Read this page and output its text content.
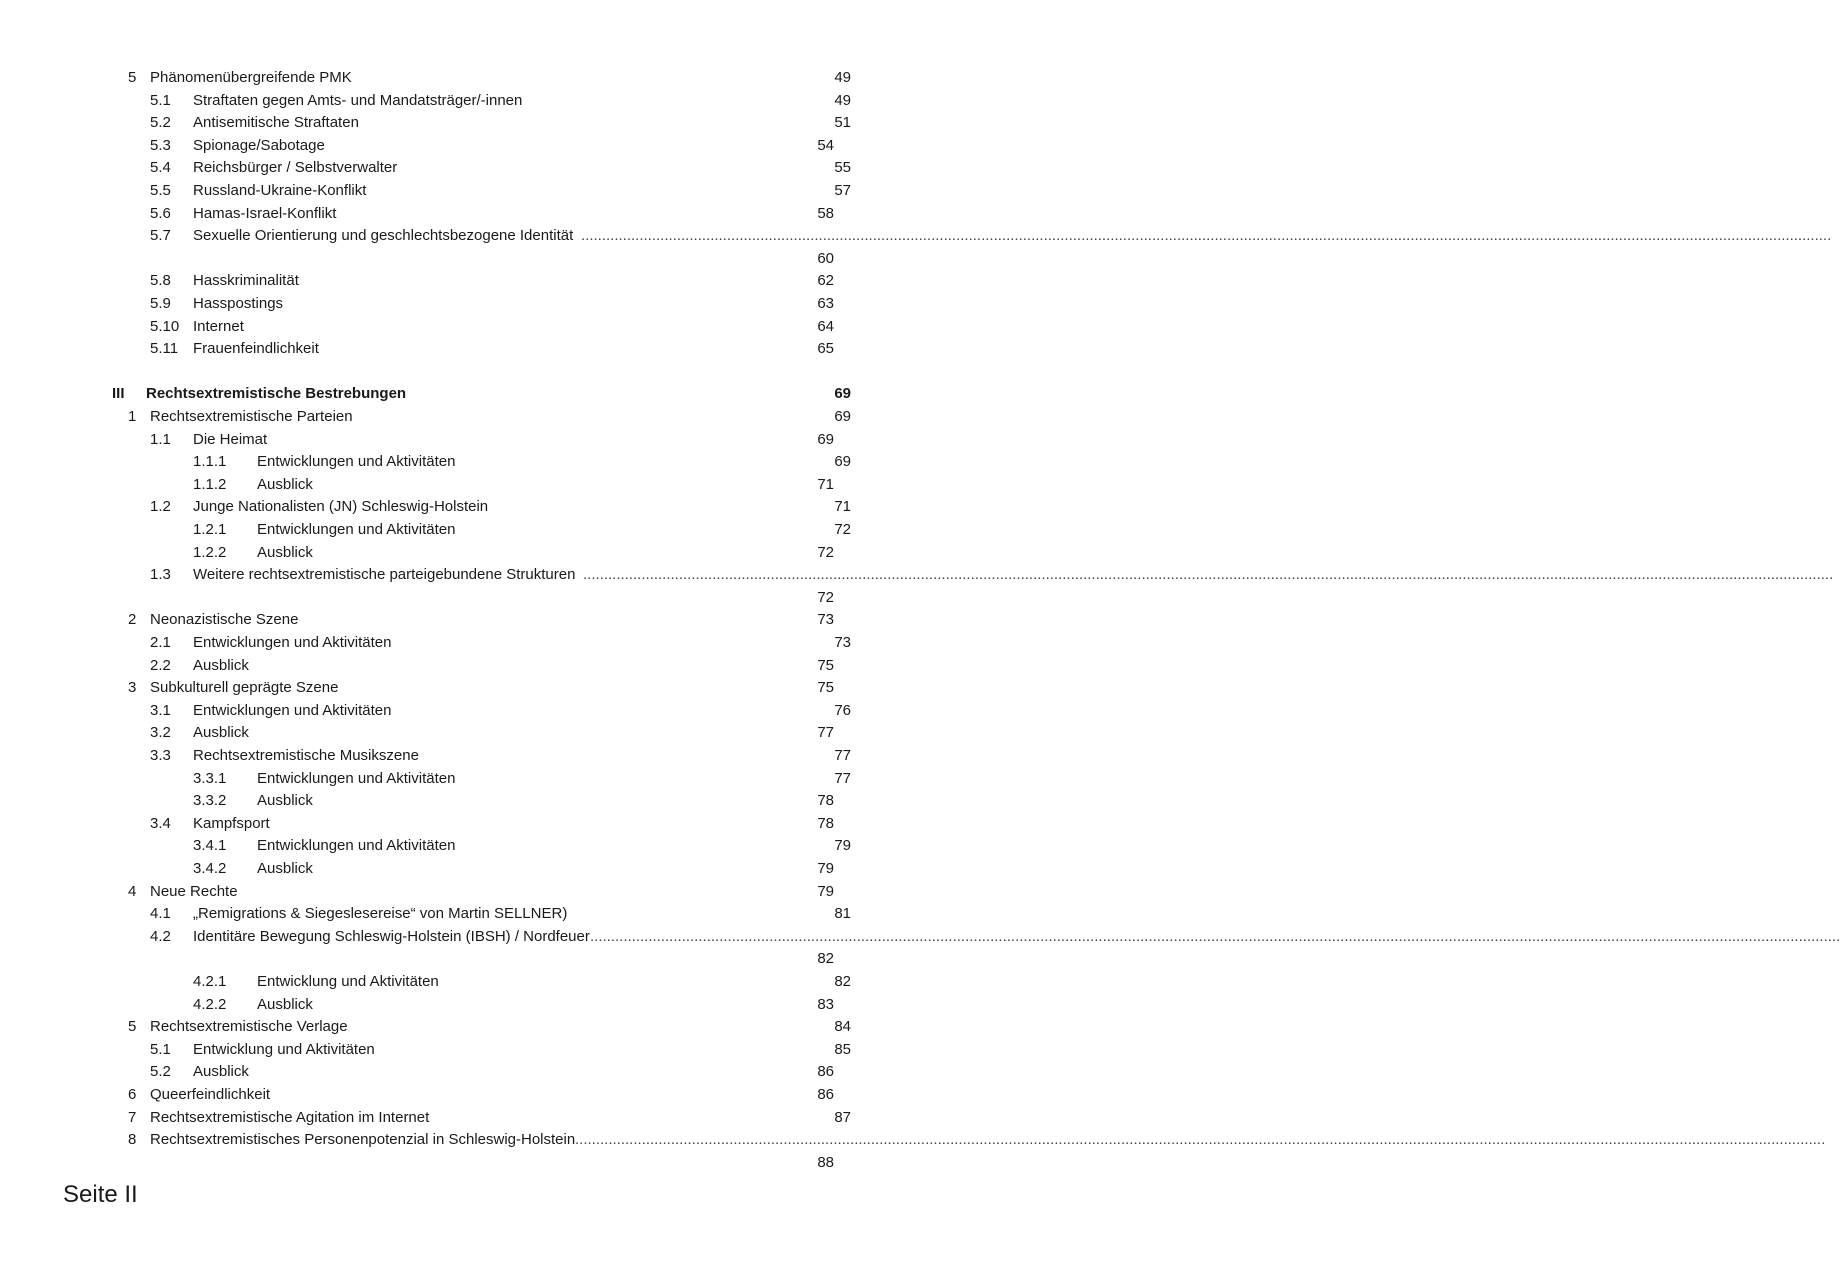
5 Phänomenübergreifende PMK	49
5.1 Straftaten gegen Amts- und Mandatsträger/-innen	49
5.2 Antisemitische Straftaten	51
5.3 Spionage/Sabotage	54
5.4 Reichsbürger / Selbstverwalter	55
5.5 Russland-Ukraine-Konflikt	57
5.6 Hamas-Israel-Konflikt	58
5.7 Sexuelle Orientierung und geschlechtsbezogene Identität ............................................................................................................................................................................................................................................................................................................
60
5.8 Hasskriminalität	62
5.9 Hasspostings	63
5.10 Internet	64
5.11 Frauenfeindlichkeit	65
III Rechtsextremistische Bestrebungen	69
1 Rechtsextremistische Parteien	69
1.1 Die Heimat	69
1.1.1 Entwicklungen und Aktivitäten	69
1.1.2 Ausblick	71
1.2 Junge Nationalisten (JN) Schleswig-Holstein	71
1.2.1 Entwicklungen und Aktivitäten	72
1.2.2 Ausblick	72
1.3 Weitere rechtsextremistische parteigebundene Strukturen ............................................................................................................................................................................................................................................................................................................
72
2 Neonazistische Szene	73
2.1 Entwicklungen und Aktivitäten	73
2.2 Ausblick	75
3 Subkulturell geprägte Szene	75
3.1 Entwicklungen und Aktivitäten	76
3.2 Ausblick	77
3.3 Rechtsextremistische Musikszene	77
3.3.1 Entwicklungen und Aktivitäten	77
3.3.2 Ausblick	78
3.4 Kampfsport	78
3.4.1 Entwicklungen und Aktivitäten	79
3.4.2 Ausblick	79
4 Neue Rechte	79
4.1 „Remigrations & Siegeslesereise“ von Martin SELLNER)	81
4.2 Identitäre Bewegung Schleswig-Holstein (IBSH) / Nordfeuer ............................................................................................................................................................................................................................................................................................................
82
4.2.1 Entwicklung und Aktivitäten	82
4.2.2 Ausblick	83
5 Rechtsextremistische Verlage	84
5.1 Entwicklung und Aktivitäten	85
5.2 Ausblick	86
6 Queerfeindlichkeit	86
7 Rechtsextremistische Agitation im Internet	87
8 Rechtsextremistisches Personenpotenzial in Schleswig-Holstein ............................................................................................................................................................................................................................................................................................................
88
Seite II
